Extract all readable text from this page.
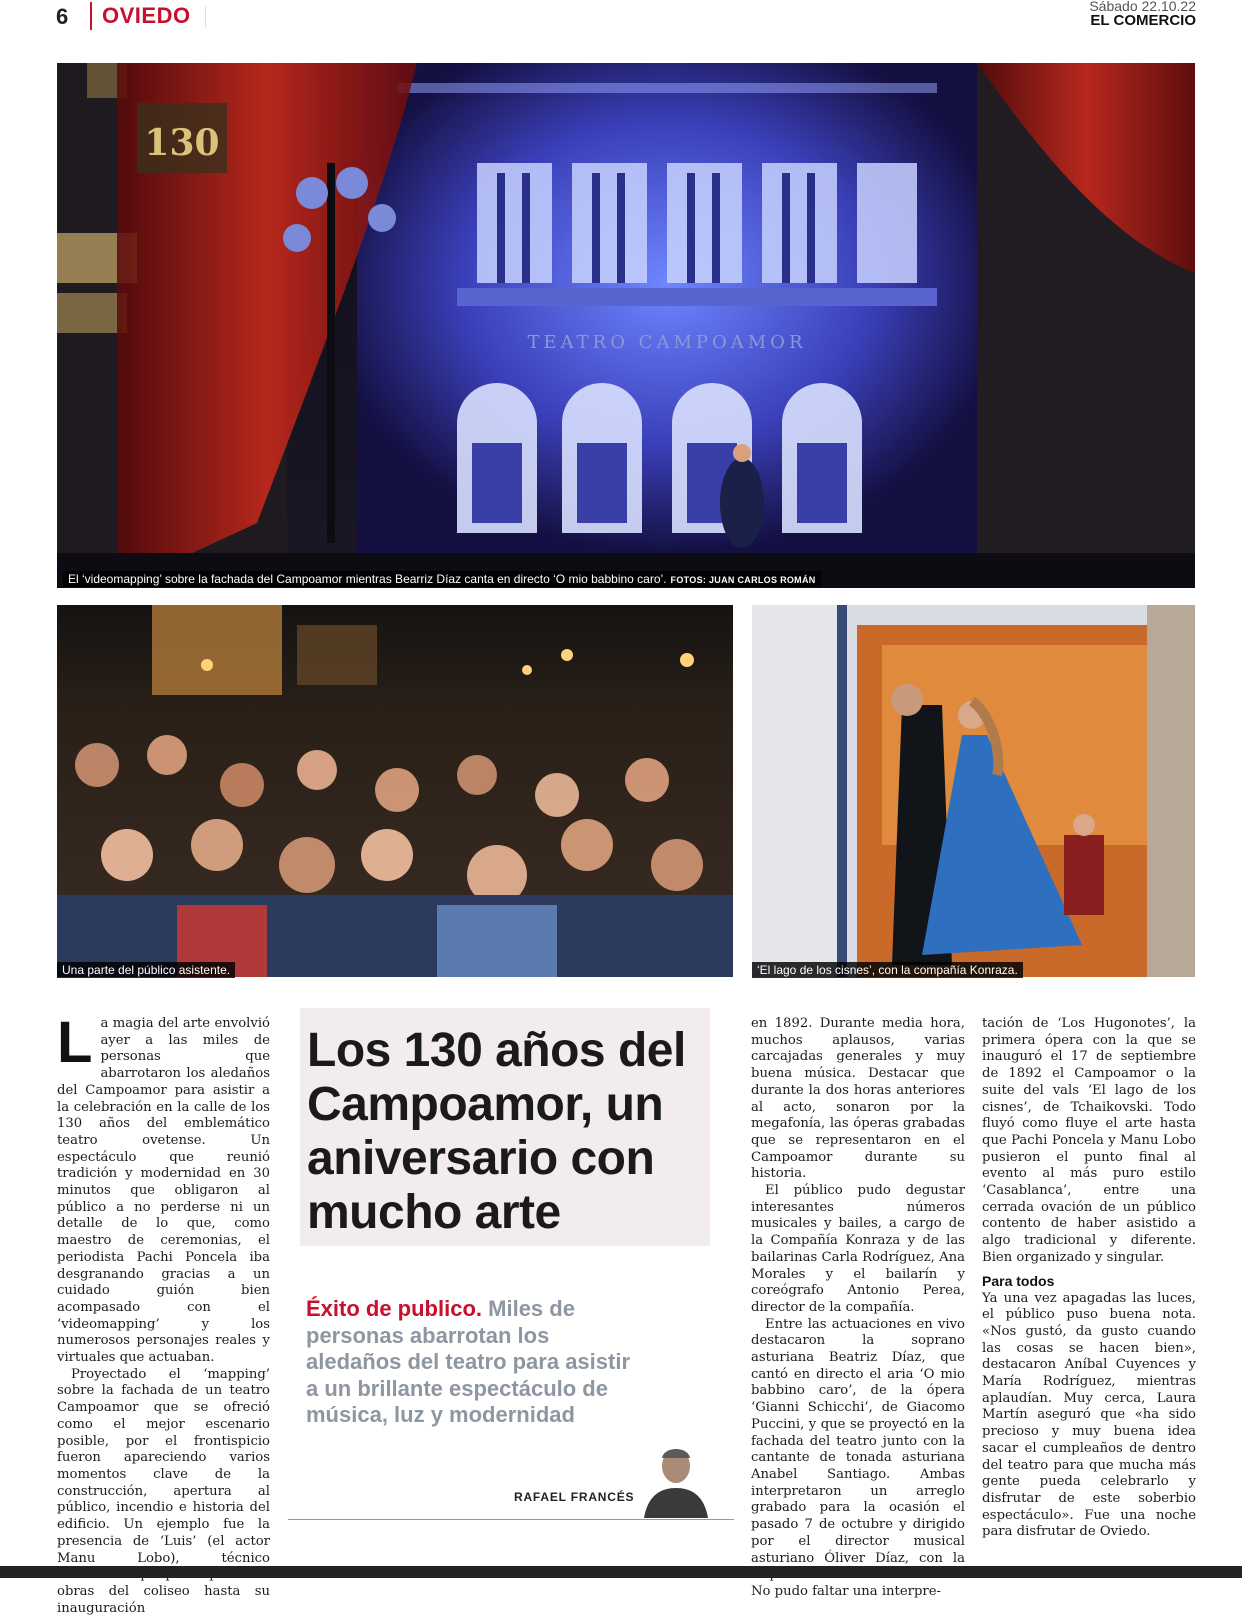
6 OVIEDO	Sábado 22.10.22
EL COMERCIO
TEATRO CAMPOAMOR
130
El ‘videomapping’ sobre la fachada del Campoamor mientras Bearriz Díaz canta en directo ‘O mio babbino caro’. FOTOS: JUAN CARLOS ROMÁN
Una parte del público asistente.	‘El lago de los cisnes’, con la compañía Konraza.
Los 130 años del Campoamor, un aniversario con mucho arte
Éxito de publico. Miles de personas abarrotan los aledaños del teatro para asistir a un brillante espectáculo de música, luz y modernidad
RAFAEL FRANCÉS

La magia del arte envolvió ayer a las miles de personas que abarrotaron los aledaños del Campoamor para asistir a la celebración en la calle de los 130 años del emblemático teatro ovetense. Un espectáculo que reunió tradición y modernidad en 30 minutos que obligaron al público a no perderse ni un detalle de lo que, como maestro de ceremonias, el periodista Pachi Poncela iba desgranando gracias a un cuidado guión bien acompasado con el ‘videomapping’ y los numerosos personajes reales y virtuales que actuaban.

Proyectado el ‘mapping’ sobre la fachada de un teatro Campoamor que se ofreció como el mejor escenario posible, por el frontispicio fueron apareciendo varios momentos clave de la construcción, apertura al público, incendio e historia del edificio. Un ejemplo fue la presencia de ‘Luis’ (el actor Manu Lobo), técnico obras del coliseo hasta su inauguración

en 1892. Durante media hora, muchos aplausos, varias carcajadas generales y muy buena música. Destacar que durante la dos horas anteriores al acto, sonaron por la megafonía, las óperas grabadas que se representaron en el Campoamor durante su historia.

El público pudo degustar interesantes números musicales y bailes, a cargo de la Compañía Konraza y de las bailarinas Carla Rodríguez, Ana Morales y el bailarín y coreógrafo Antonio Perea, director de la compañía.

Entre las actuaciones en vivo destacaron la soprano asturiana Beatriz Díaz, que cantó en directo el aria ‘O mio babbino caro’, de la ópera ‘Gianni Schicchi’, de Giacomo Puccini, y que se proyectó en la fachada del teatro junto con la cantante de tonada asturiana Anabel Santiago. Ambas interpretaron un arreglo grabado para la ocasión el pasado 7 de octubre y dirigido por el director musical asturiano Óliver Díaz, con la No pudo faltar una interpre-

tación de ‘Los Hugonotes’, la primera ópera con la que se inauguró el 17 de septiembre de 1892 el Campoamor o la suite del vals ‘El lago de los cisnes’, de Tchaikovski. Todo fluyó como fluye el arte hasta que Pachi Poncela y Manu Lobo pusieron el punto final al evento al más puro estilo ‘Casablanca’, entre una cerrada ovación de un público contento de haber asistido a algo tradicional y diferente. Bien organizado y singular.

Para todos

Ya una vez apagadas las luces, el público puso buena nota. «Nos gustó, da gusto cuando las cosas se hacen bien», destacaron Aníbal Cuyences y María Rodríguez, mientras aplaudían. Muy cerca, Laura Martín aseguró que «ha sido precioso y muy buena idea sacar el cumpleaños de dentro del teatro para que mucha más gente pueda celebrarlo y disfrutar de este soberbio espectáculo». Fue una noche para disfrutar de Oviedo.
